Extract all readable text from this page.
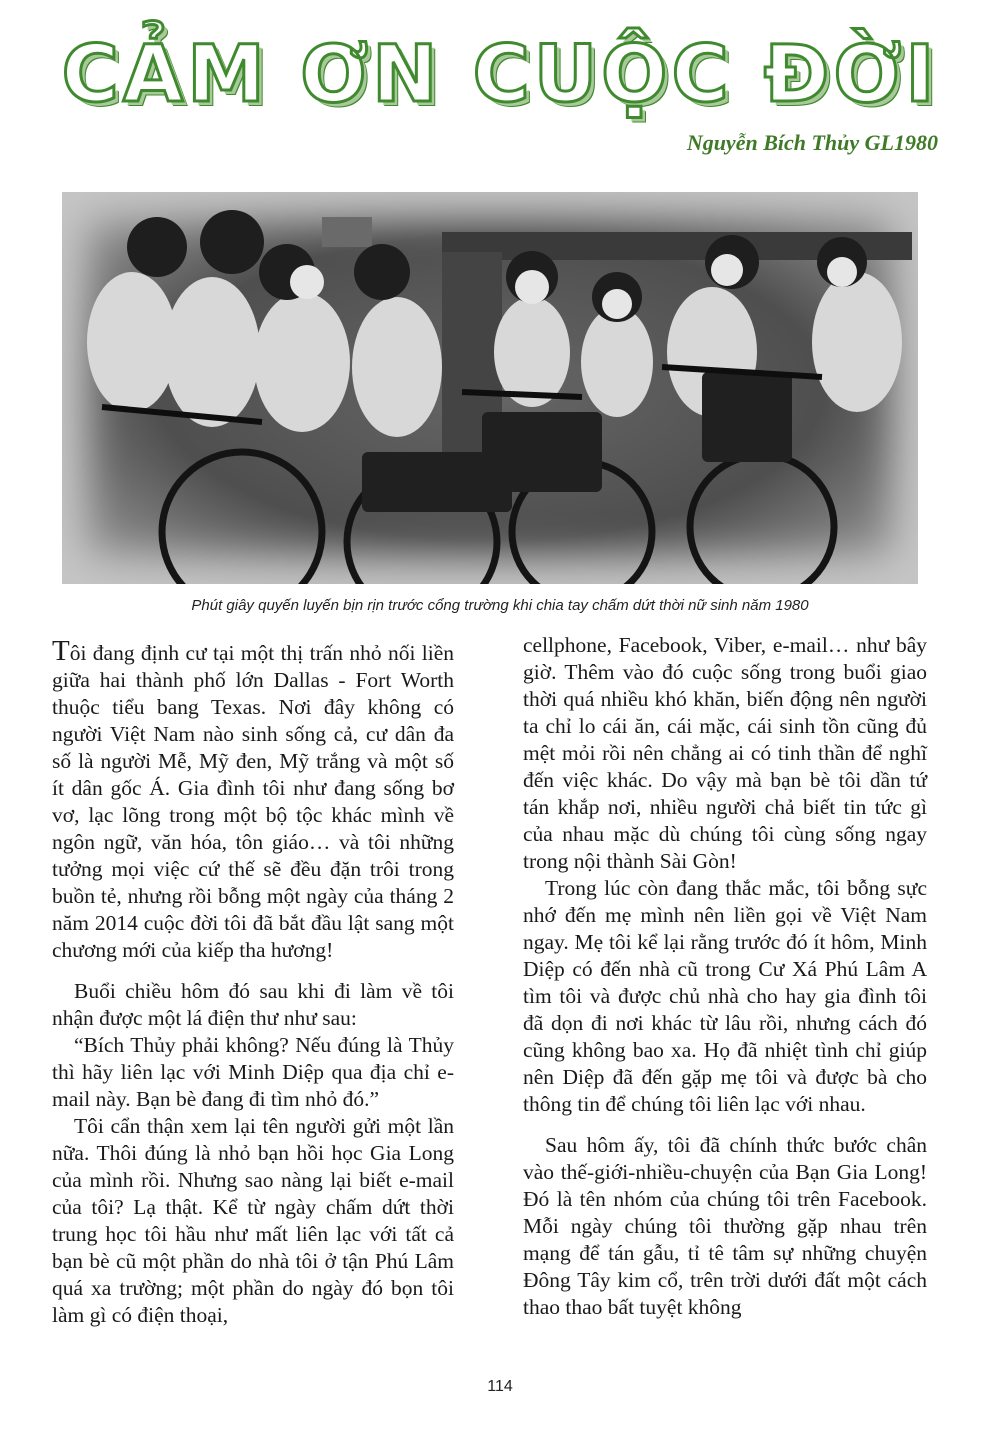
CẢM ƠN CUỘC ĐỜI
Nguyễn Bích Thủy GL1980
Phút giây quyến luyến bịn rịn trước cổng trường khi chia tay chấm dứt thời nữ sinh năm 1980

Tôi đang định cư tại một thị trấn nhỏ nối liền giữa hai thành phố lớn Dallas - Fort Worth thuộc tiểu bang Texas. Nơi đây không có người Việt Nam nào sinh sống cả, cư dân đa số là người Mễ, Mỹ đen, Mỹ trắng và một số ít dân gốc Á. Gia đình tôi như đang sống bơ vơ, lạc lõng trong một bộ tộc khác mình về ngôn ngữ, văn hóa, tôn giáo… và tôi những tưởng mọi việc cứ thế sẽ đều đặn trôi trong buồn tẻ, nhưng rồi bỗng một ngày của tháng 2 năm 2014 cuộc đời tôi đã bắt đầu lật sang một chương mới của kiếp tha hương!

Buổi chiều hôm đó sau khi đi làm về tôi nhận được một lá điện thư như sau:

“Bích Thủy phải không? Nếu đúng là Thủy thì hãy liên lạc với Minh Diệp qua địa chỉ e-mail này. Bạn bè đang đi tìm nhỏ đó.”

Tôi cẩn thận xem lại tên người gửi một lần nữa. Thôi đúng là nhỏ bạn hồi học Gia Long của mình rồi. Nhưng sao nàng lại biết e-mail của tôi? Lạ thật. Kể từ ngày chấm dứt thời trung học tôi hầu như mất liên lạc với tất cả bạn bè cũ một phần do nhà tôi ở tận Phú Lâm quá xa trường; một phần do ngày đó bọn tôi làm gì có điện thoại,

cellphone, Facebook, Viber, e-mail… như bây giờ. Thêm vào đó cuộc sống trong buổi giao thời quá nhiều khó khăn, biến động nên người ta chỉ lo cái ăn, cái mặc, cái sinh tồn cũng đủ mệt mỏi rồi nên chẳng ai có tinh thần để nghĩ đến việc khác. Do vậy mà bạn bè tôi dần tứ tán khắp nơi, nhiều người chả biết tin tức gì của nhau mặc dù chúng tôi cùng sống ngay trong nội thành Sài Gòn!

Trong lúc còn đang thắc mắc, tôi bỗng sực nhớ đến mẹ mình nên liền gọi về Việt Nam ngay. Mẹ tôi kể lại rằng trước đó ít hôm, Minh Diệp có đến nhà cũ trong Cư Xá Phú Lâm A tìm tôi và được chủ nhà cho hay gia đình tôi đã dọn đi nơi khác từ lâu rồi, nhưng cách đó cũng không bao xa. Họ đã nhiệt tình chỉ giúp nên Diệp đã đến gặp mẹ tôi và được bà cho thông tin để chúng tôi liên lạc với nhau.

Sau hôm ấy, tôi đã chính thức bước chân vào thế-giới-nhiều-chuyện của Bạn Gia Long! Đó là tên nhóm của chúng tôi trên Facebook. Mỗi ngày chúng tôi thường gặp nhau trên mạng để tán gẫu, tỉ tê tâm sự những chuyện Đông Tây kim cổ, trên trời dưới đất một cách thao thao bất tuyệt không

114
